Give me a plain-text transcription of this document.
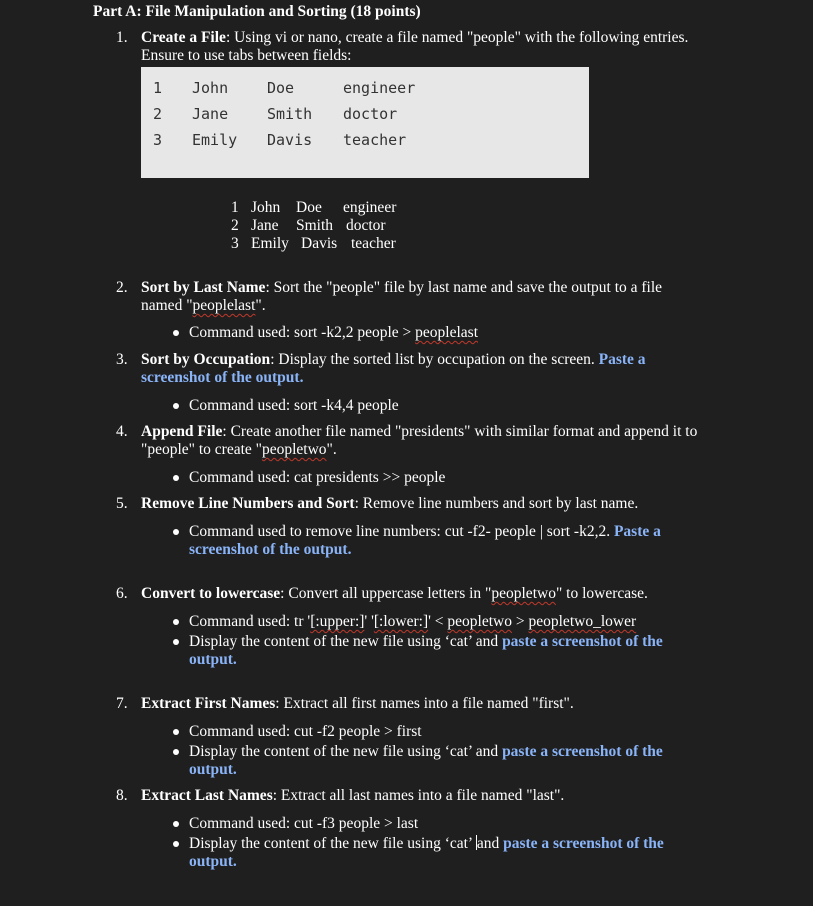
Part A: File Manipulation and Sorting (18 points)
1. Create a File: Using vi or nano, create a file named "people" with the following entries.
Ensure to use tabs between fields:
1 John	Doe	engineer
2 Jane	Smith doctor
3 Emily Davis teacher
1 John Doe engineer
2 Jane Smith doctor
3 Emily Davis teacher
2. Sort by Last Name: Sort the "people" file by last name and save the output to a file
named "peoplelast".
Command used: sort -k2,2 people > peoplelast
3. Sort by Occupation: Display the sorted list by occupation on the screen. Paste a
screenshot of the output.
Command used: sort -k4,4 people
4. Append File: Create another file named "presidents" with similar format and append it to
"people" to create "peopletwo".
Command used: cat presidents >> people
5. Remove Line Numbers and Sort: Remove line numbers and sort by last name.
Command used to remove line numbers: cut -f2- people | sort -k2,2. Paste a
screenshot of the output.
6. Convert to lowercase: Convert all uppercase letters in "peopletwo" to lowercase.
Command used: tr '[:upper:]' '[:lower:]' < peopletwo > peopletwo_lower
Display the content of the new file using ‘cat’ and paste a screenshot of the
output.
7. Extract First Names: Extract all first names into a file named "first".
Command used: cut -f2 people > first
Display the content of the new file using ‘cat’ and paste a screenshot of the
output.
8. Extract Last Names: Extract all last names into a file named "last".
Command used: cut -f3 people > last
Display the content of the new file using ‘cat’ and paste a screenshot of the
output.
